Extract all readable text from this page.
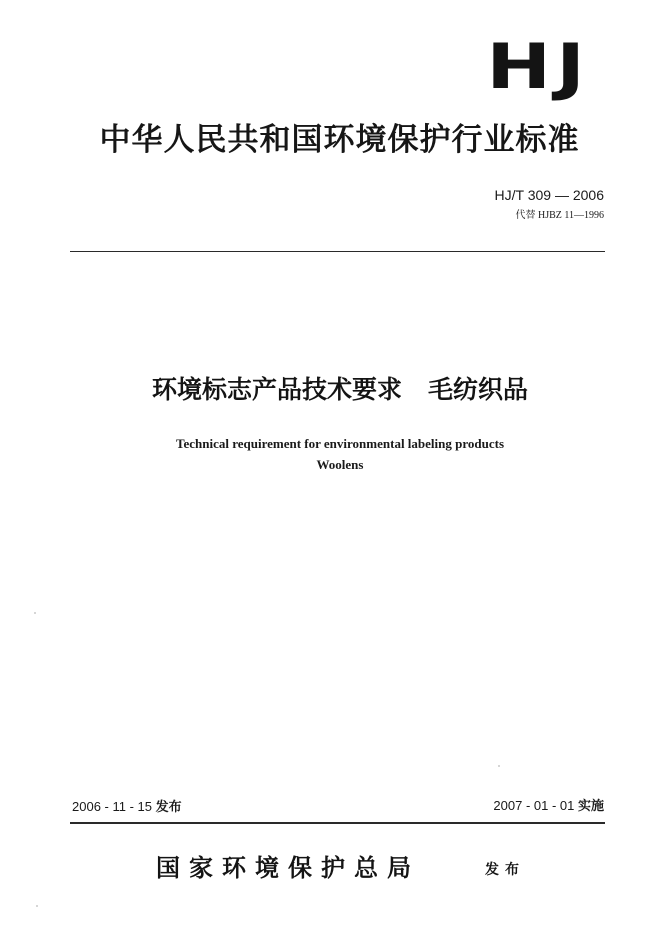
HJ
中华人民共和国环境保护行业标准
HJ/T 309 — 2006
代替 HJBZ 11—1996
环境标志产品技术要求   毛纺织品
Technical requirement for environmental labeling products
Woolens
2006 - 11 - 15 发布	2007 - 01 - 01 实施
国家环境保护总局	发布
